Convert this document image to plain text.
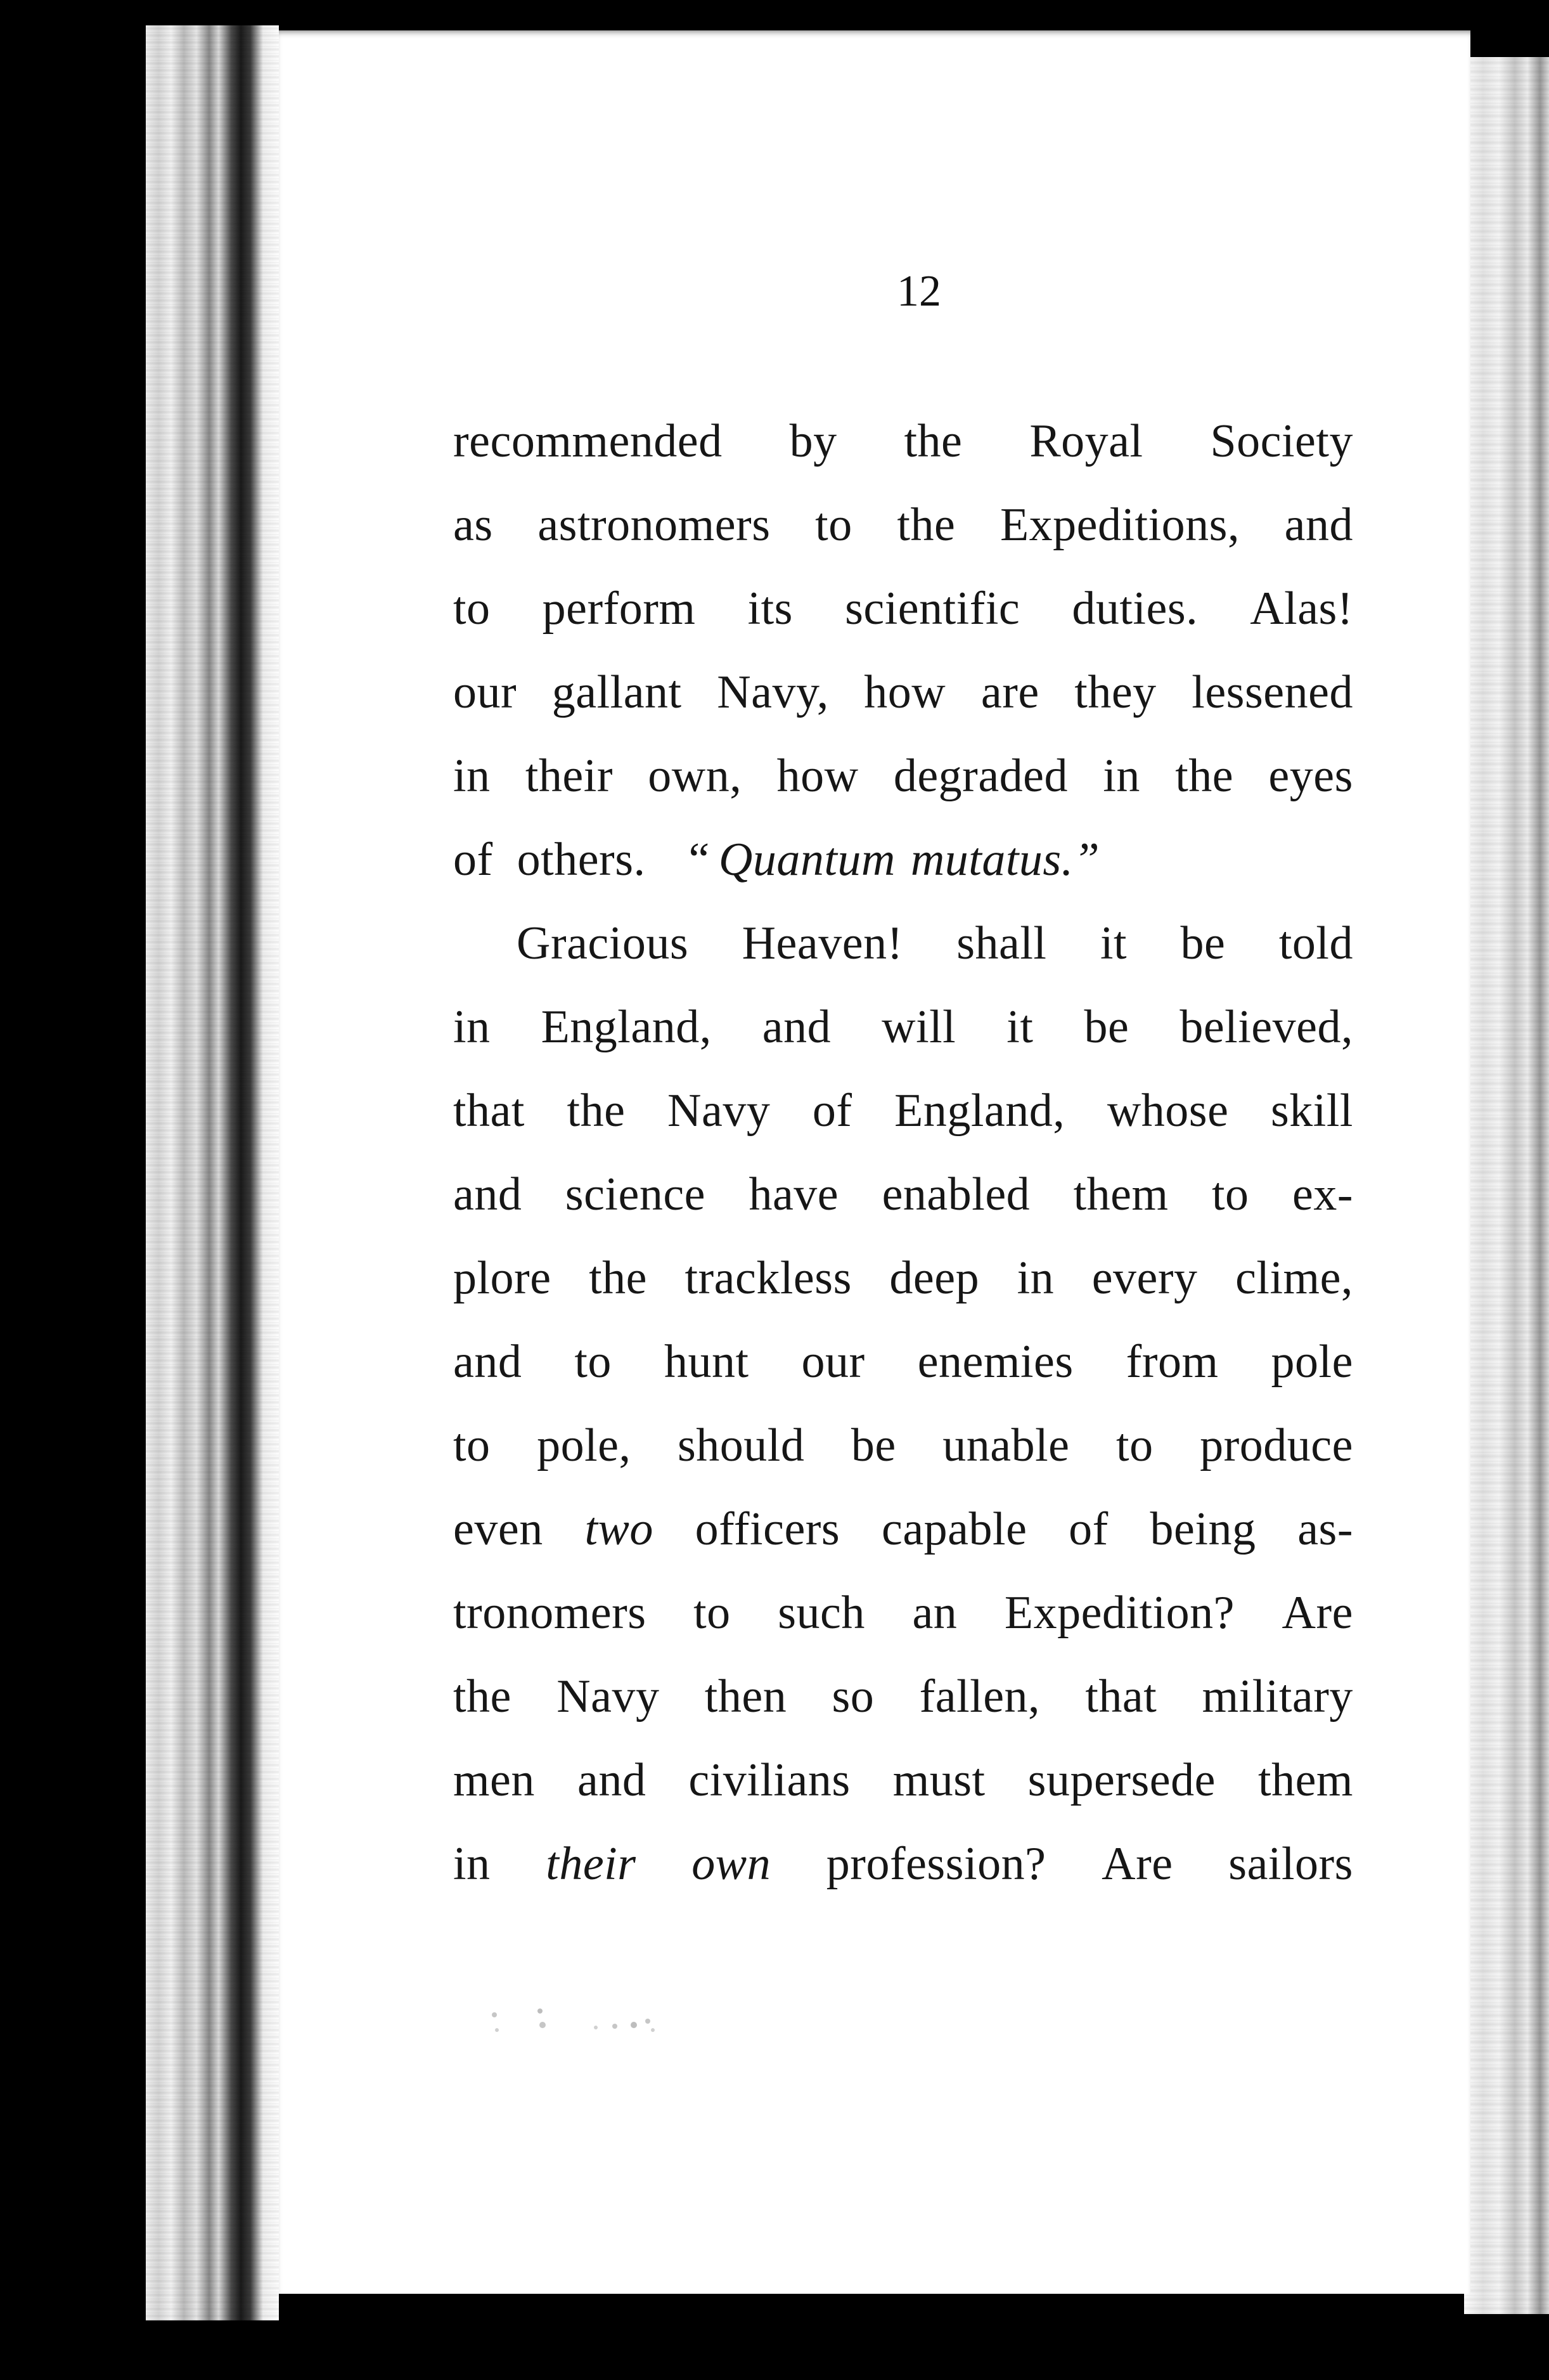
12
recommended by the Royal Society
as astronomers to the Expeditions, and
to perform its scientific duties. Alas!
our gallant Navy, how are they lessened
in their own, how degraded in the eyes
of others. “ Quantum mutatus.”
Gracious Heaven! shall it be told
in England, and will it be believed,
that the Navy of England, whose skill
and science have enabled them to ex-
plore the trackless deep in every clime,
and to hunt our enemies from pole
to pole, should be unable to produce
even two officers capable of being as-
tronomers to such an Expedition? Are
the Navy then so fallen, that military
men and civilians must supersede them
in their own profession? Are sailors
